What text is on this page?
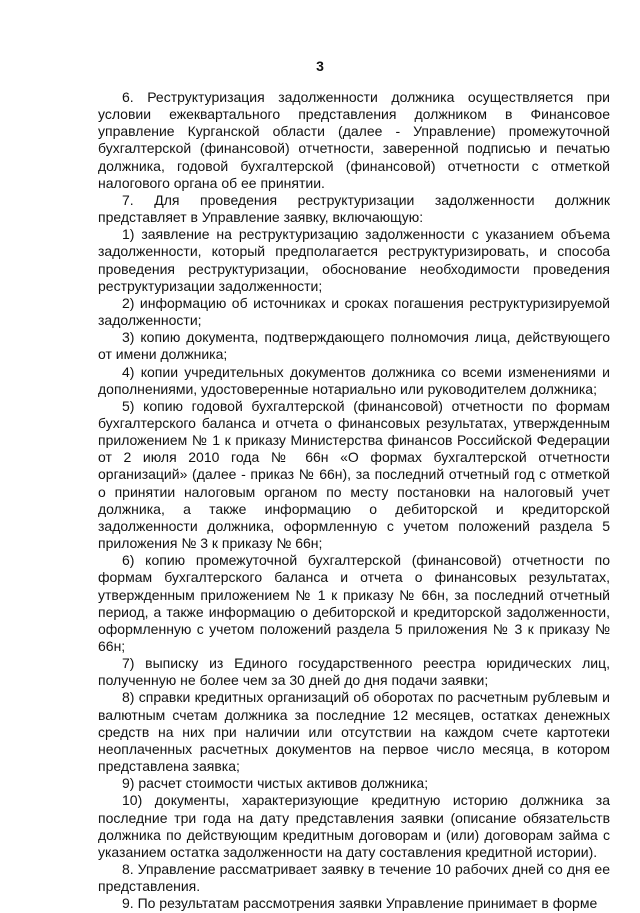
3

6. Реструктуризация задолженности должника осуществляется при условии ежеквартального представления должником в Финансовое управление Курганской области (далее - Управление) промежуточной бухгалтерской (финансовой) отчетности, заверенной подписью и печатью должника, годовой бухгалтерской (финансовой) отчетности с отметкой налогового органа об ее принятии.

7. Для проведения реструктуризации задолженности должник представляет в Управление заявку, включающую:

1) заявление на реструктуризацию задолженности с указанием объема задолженности, который предполагается реструктуризировать, и способа проведения реструктуризации, обоснование необходимости проведения реструктуризации задолженности;

2) информацию об источниках и сроках погашения реструктуризируемой задолженности;

3) копию документа, подтверждающего полномочия лица, действующего от имени должника;

4) копии учредительных документов должника со всеми изменениями и дополнениями, удостоверенные нотариально или руководителем должника;

5) копию годовой бухгалтерской (финансовой) отчетности по формам бухгалтерского баланса и отчета о финансовых результатах, утвержденным приложением № 1 к приказу Министерства финансов Российской Федерации от 2 июля 2010 года № 66н «О формах бухгалтерской отчетности организаций» (далее - приказ № 66н), за последний отчетный год с отметкой о принятии налоговым органом по месту постановки на налоговый учет должника, а также информацию о дебиторской и кредиторской задолженности должника, оформленную с учетом положений раздела 5 приложения № 3 к приказу № 66н;

6) копию промежуточной бухгалтерской (финансовой) отчетности по формам бухгалтерского баланса и отчета о финансовых результатах, утвержденным приложением № 1 к приказу № 66н, за последний отчетный период, а также информацию о дебиторской и кредиторской задолженности, оформленную с учетом положений раздела 5 приложения № 3 к приказу № 66н;

7) выписку из Единого государственного реестра юридических лиц, полученную не более чем за 30 дней до дня подачи заявки;

8) справки кредитных организаций об оборотах по расчетным рублевым и валютным счетам должника за последние 12 месяцев, остатках денежных средств на них при наличии или отсутствии на каждом счете картотеки неоплаченных расчетных документов на первое число месяца, в котором представлена заявка;

9) расчет стоимости чистых активов должника;

10) документы, характеризующие кредитную историю должника за последние три года на дату представления заявки (описание обязательств должника по действующим кредитным договорам и (или) договорам займа с указанием остатка задолженности на дату составления кредитной истории).

8. Управление рассматривает заявку в течение 10 рабочих дней со дня ее представления.

9. По результатам рассмотрения заявки Управление принимает в форме
